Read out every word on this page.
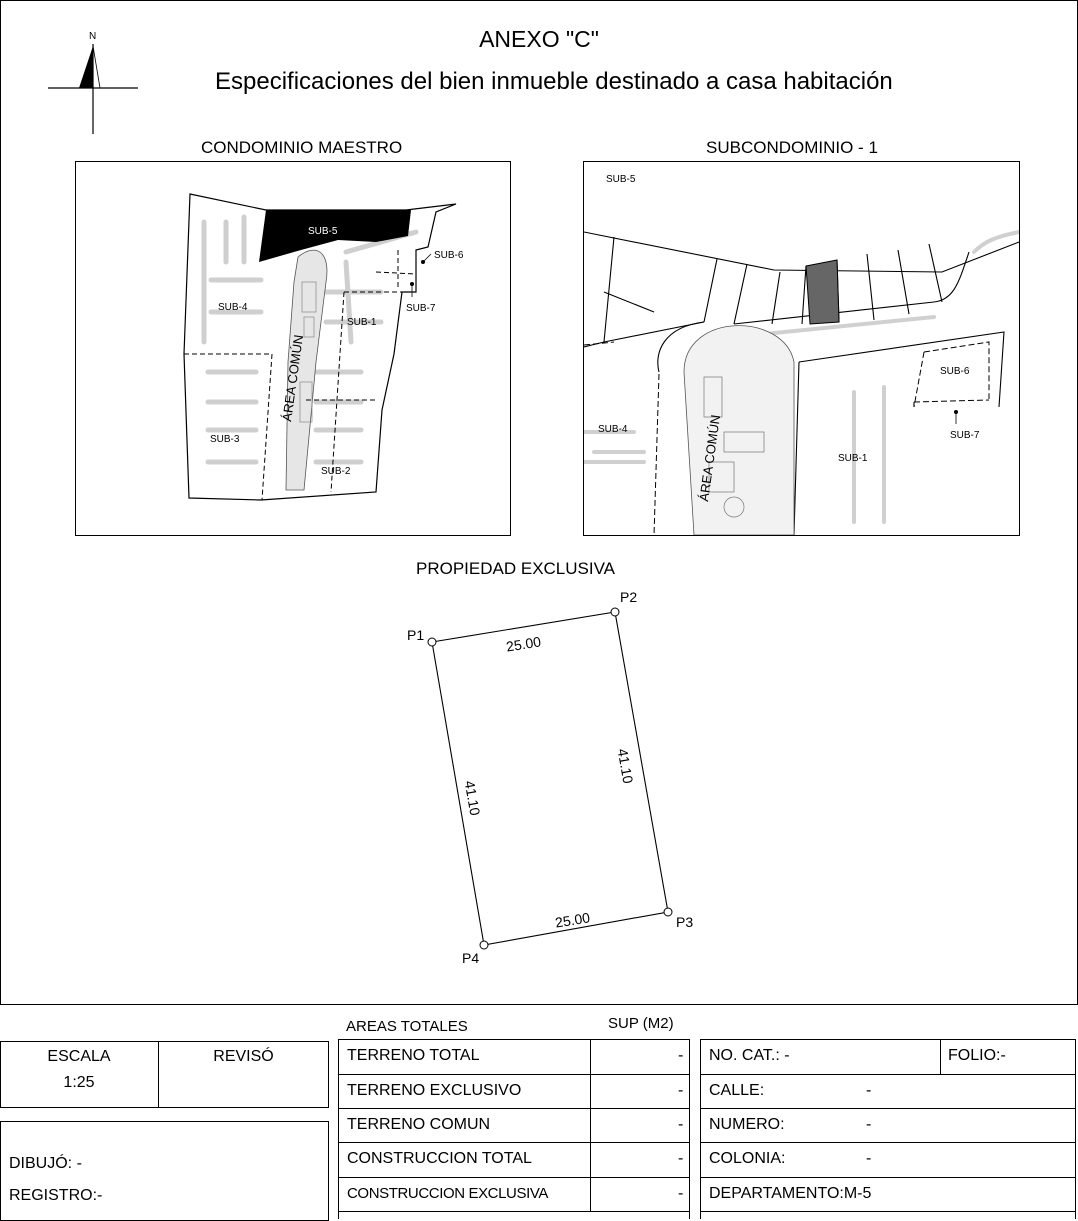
N	ANEXO "C"
Especificaciones del bien inmueble destinado a casa habitación
CONDOMINIO MAESTRO	SUBCONDOMINIO - 1
SUB-5
SUB-6
SUB-7
SUB-4
SUB-1
SUB-3
SUB-2
ÁREA COMÚN
SUB-5
SUB-6
SUB-7
SUB-4
SUB-1
ÁREA COMÚN
PROPIEDAD EXCLUSIVA
P1
P2
P3
P4
25.00
25.00
41.10
41.10
ESCALA
1:25
REVISÓ
DIBUJÓ: -
REGISTRO:-
AREAS TOTALES	SUP (M2)
TERRENO TOTAL	-
TERRENO EXCLUSIVO	-
TERRENO COMUN	-
CONSTRUCCION TOTAL	-
CONSTRUCCION EXCLUSIVA	-
NO. CAT.: -	FOLIO:-
CALLE:	-
NUMERO:	-
COLONIA:	-
DEPARTAMENTO:M-5
